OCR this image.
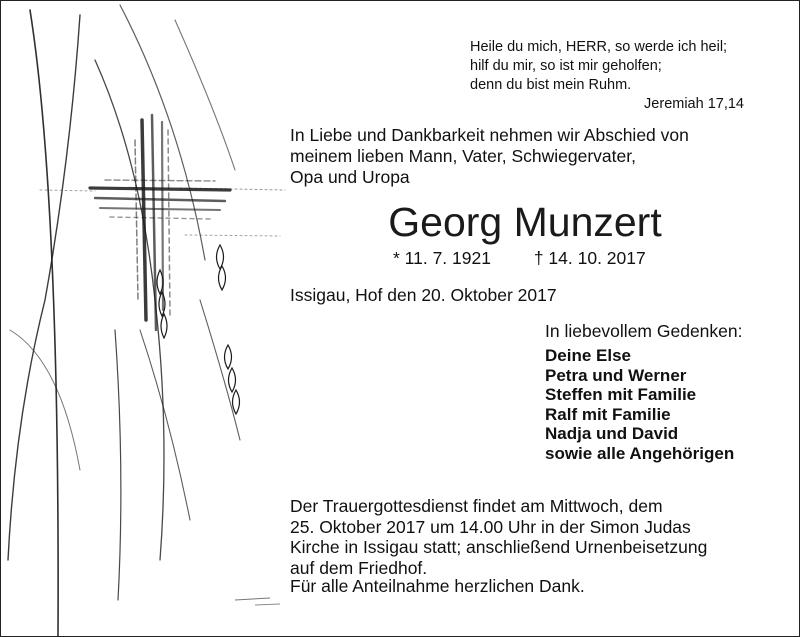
Heile du mich, HERR, so werde ich heil;
hilf du mir, so ist mir geholfen;
denn du bist mein Ruhm.
Jeremiah 17,14
In Liebe und Dankbarkeit nehmen wir Abschied von
meinem lieben Mann, Vater, Schwiegervater,
Opa und Uropa
Georg Munzert
* 11. 7. 1921 † 14. 10. 2017
Issigau, Hof den 20. Oktober 2017
In liebevollem Gedenken:
Deine Else
Petra und Werner
Steffen mit Familie
Ralf mit Familie
Nadja und David
sowie alle Angehörigen
Der Trauergottesdienst findet am Mittwoch, dem
25. Oktober 2017 um 14.00 Uhr in der Simon Judas
Kirche in Issigau statt; anschließend Urnenbeisetzung
auf dem Friedhof.
Für alle Anteilnahme herzlichen Dank.
